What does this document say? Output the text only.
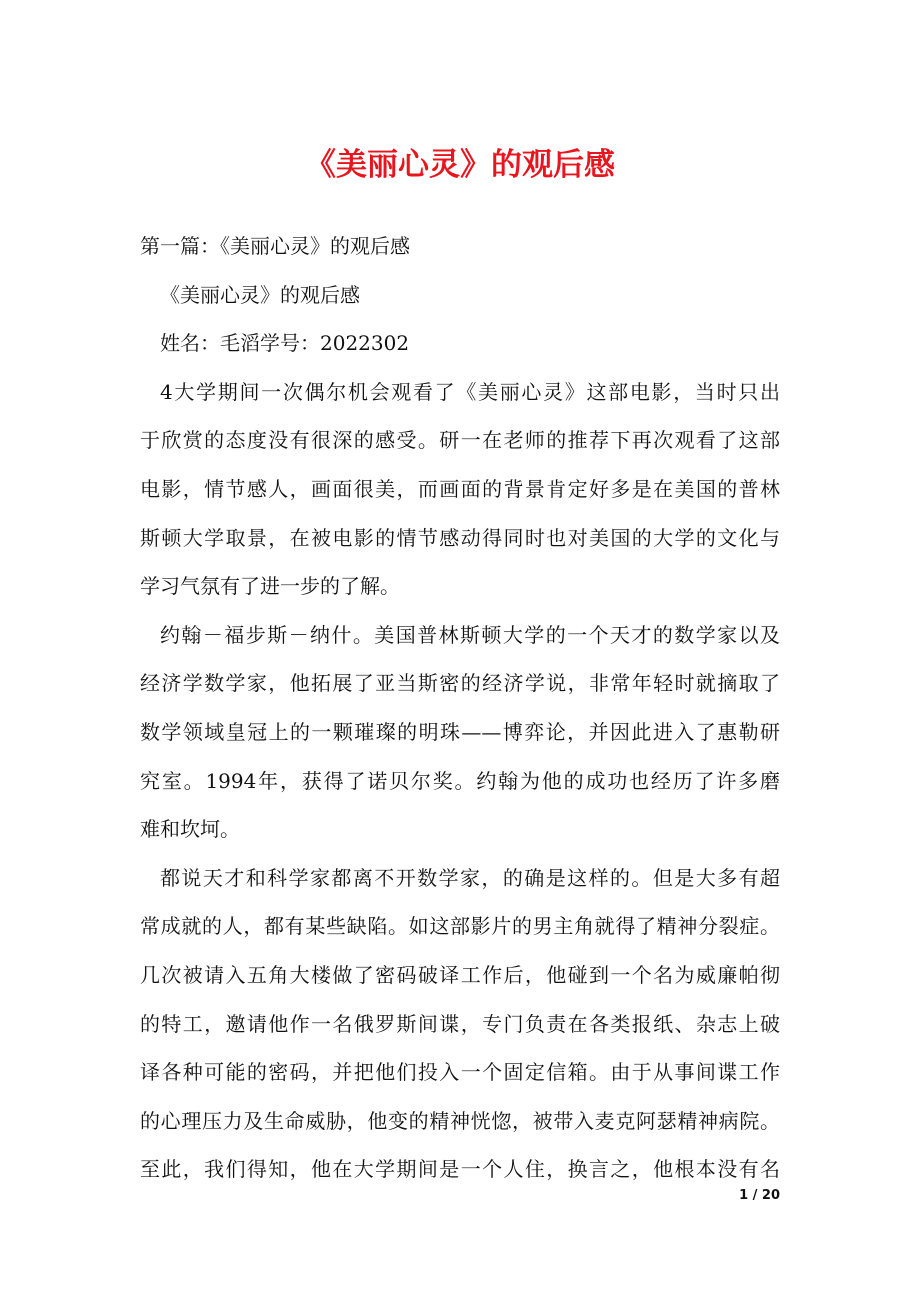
《美丽心灵》的观后感
第一篇：《美丽心灵》的观后感
《美丽心灵》的观后感
姓名：毛滔学号：2022302
4大学期间一次偶尔机会观看了《美丽心灵》这部电影，当时只出
于欣赏的态度没有很深的感受。研一在老师的推荐下再次观看了这部
电影，情节感人，画面很美，而画面的背景肯定好多是在美国的普林
斯顿大学取景，在被电影的情节感动得同时也对美国的大学的文化与
学习气氛有了进一步的了解。
约翰－福步斯－纳什。美国普林斯顿大学的一个天才的数学家以及
经济学数学家，他拓展了亚当斯密的经济学说，非常年轻时就摘取了
数学领域皇冠上的一颗璀璨的明珠——博弈论，并因此进入了惠勒研
究室。1994年，获得了诺贝尔奖。约翰为他的成功也经历了许多磨
难和坎坷。
都说天才和科学家都离不开数学家，的确是这样的。但是大多有超
常成就的人，都有某些缺陷。如这部影片的男主角就得了精神分裂症。
几次被请入五角大楼做了密码破译工作后，他碰到一个名为威廉帕彻
的特工，邀请他作一名俄罗斯间谍，专门负责在各类报纸、杂志上破
译各种可能的密码，并把他们投入一个固定信箱。由于从事间谍工作
的心理压力及生命威胁，他变的精神恍惚，被带入麦克阿瑟精神病院。
至此，我们得知，他在大学期间是一个人住，换言之，他根本没有名
1 / 20
